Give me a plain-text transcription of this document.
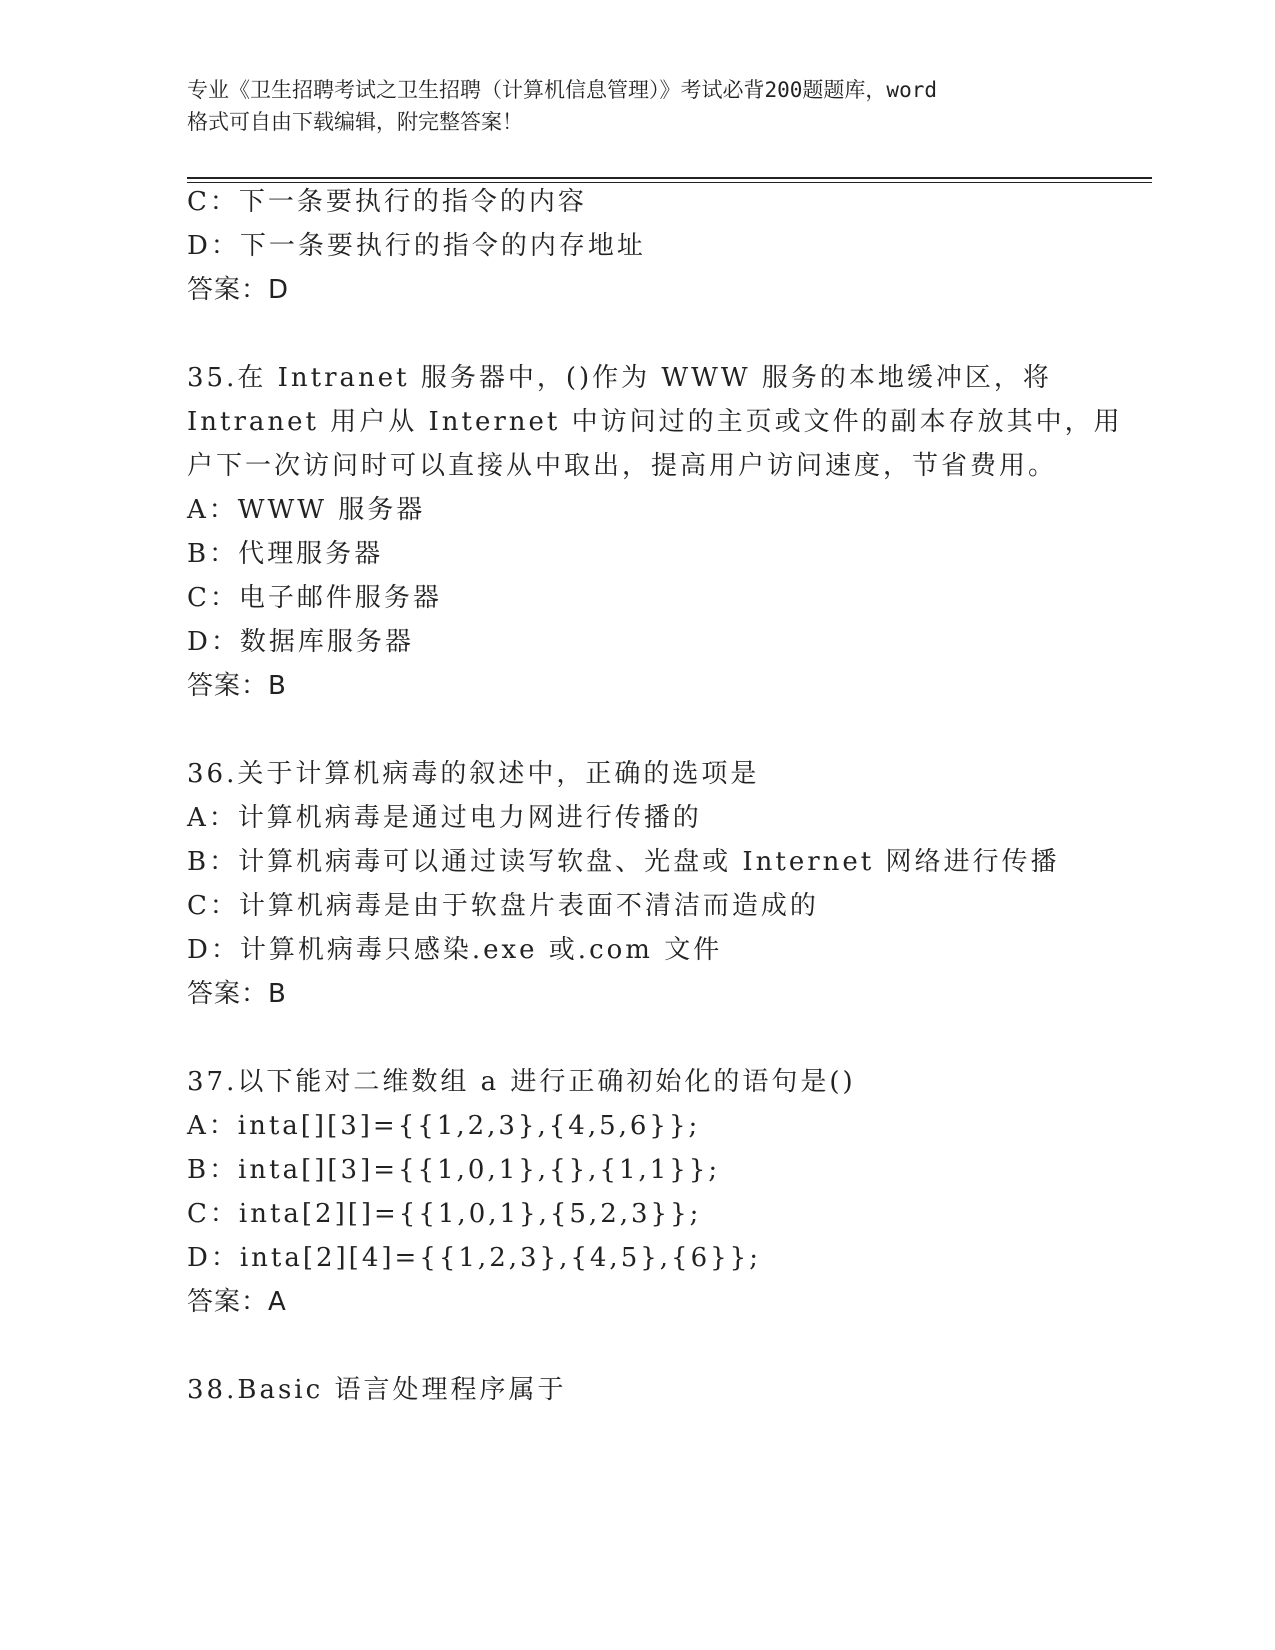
专业《卫生招聘考试之卫生招聘（计算机信息管理）》考试必背200题题库，word
格式可自由下载编辑，附完整答案！
C：下一条要执行的指令的内容
D：下一条要执行的指令的内存地址
答案：D
35.在 Intranet 服务器中，()作为 WWW 服务的本地缓冲区，将
Intranet 用户从 Internet 中访问过的主页或文件的副本存放其中，用
户下一次访问时可以直接从中取出，提高用户访问速度，节省费用。
A：WWW 服务器
B：代理服务器
C：电子邮件服务器
D：数据库服务器
答案：B
36.关于计算机病毒的叙述中，正确的选项是
A：计算机病毒是通过电力网进行传播的
B：计算机病毒可以通过读写软盘、光盘或 Internet 网络进行传播
C：计算机病毒是由于软盘片表面不清洁而造成的
D：计算机病毒只感染.exe 或.com 文件
答案：B
37.以下能对二维数组 a 进行正确初始化的语句是()
A：inta[][3]={{1,2,3},{4,5,6}};
B：inta[][3]={{1,0,1},{},{1,1}};
C：inta[2][]={{1,0,1},{5,2,3}};
D：inta[2][4]={{1,2,3},{4,5},{6}};
答案：A
38.Basic 语言处理程序属于
